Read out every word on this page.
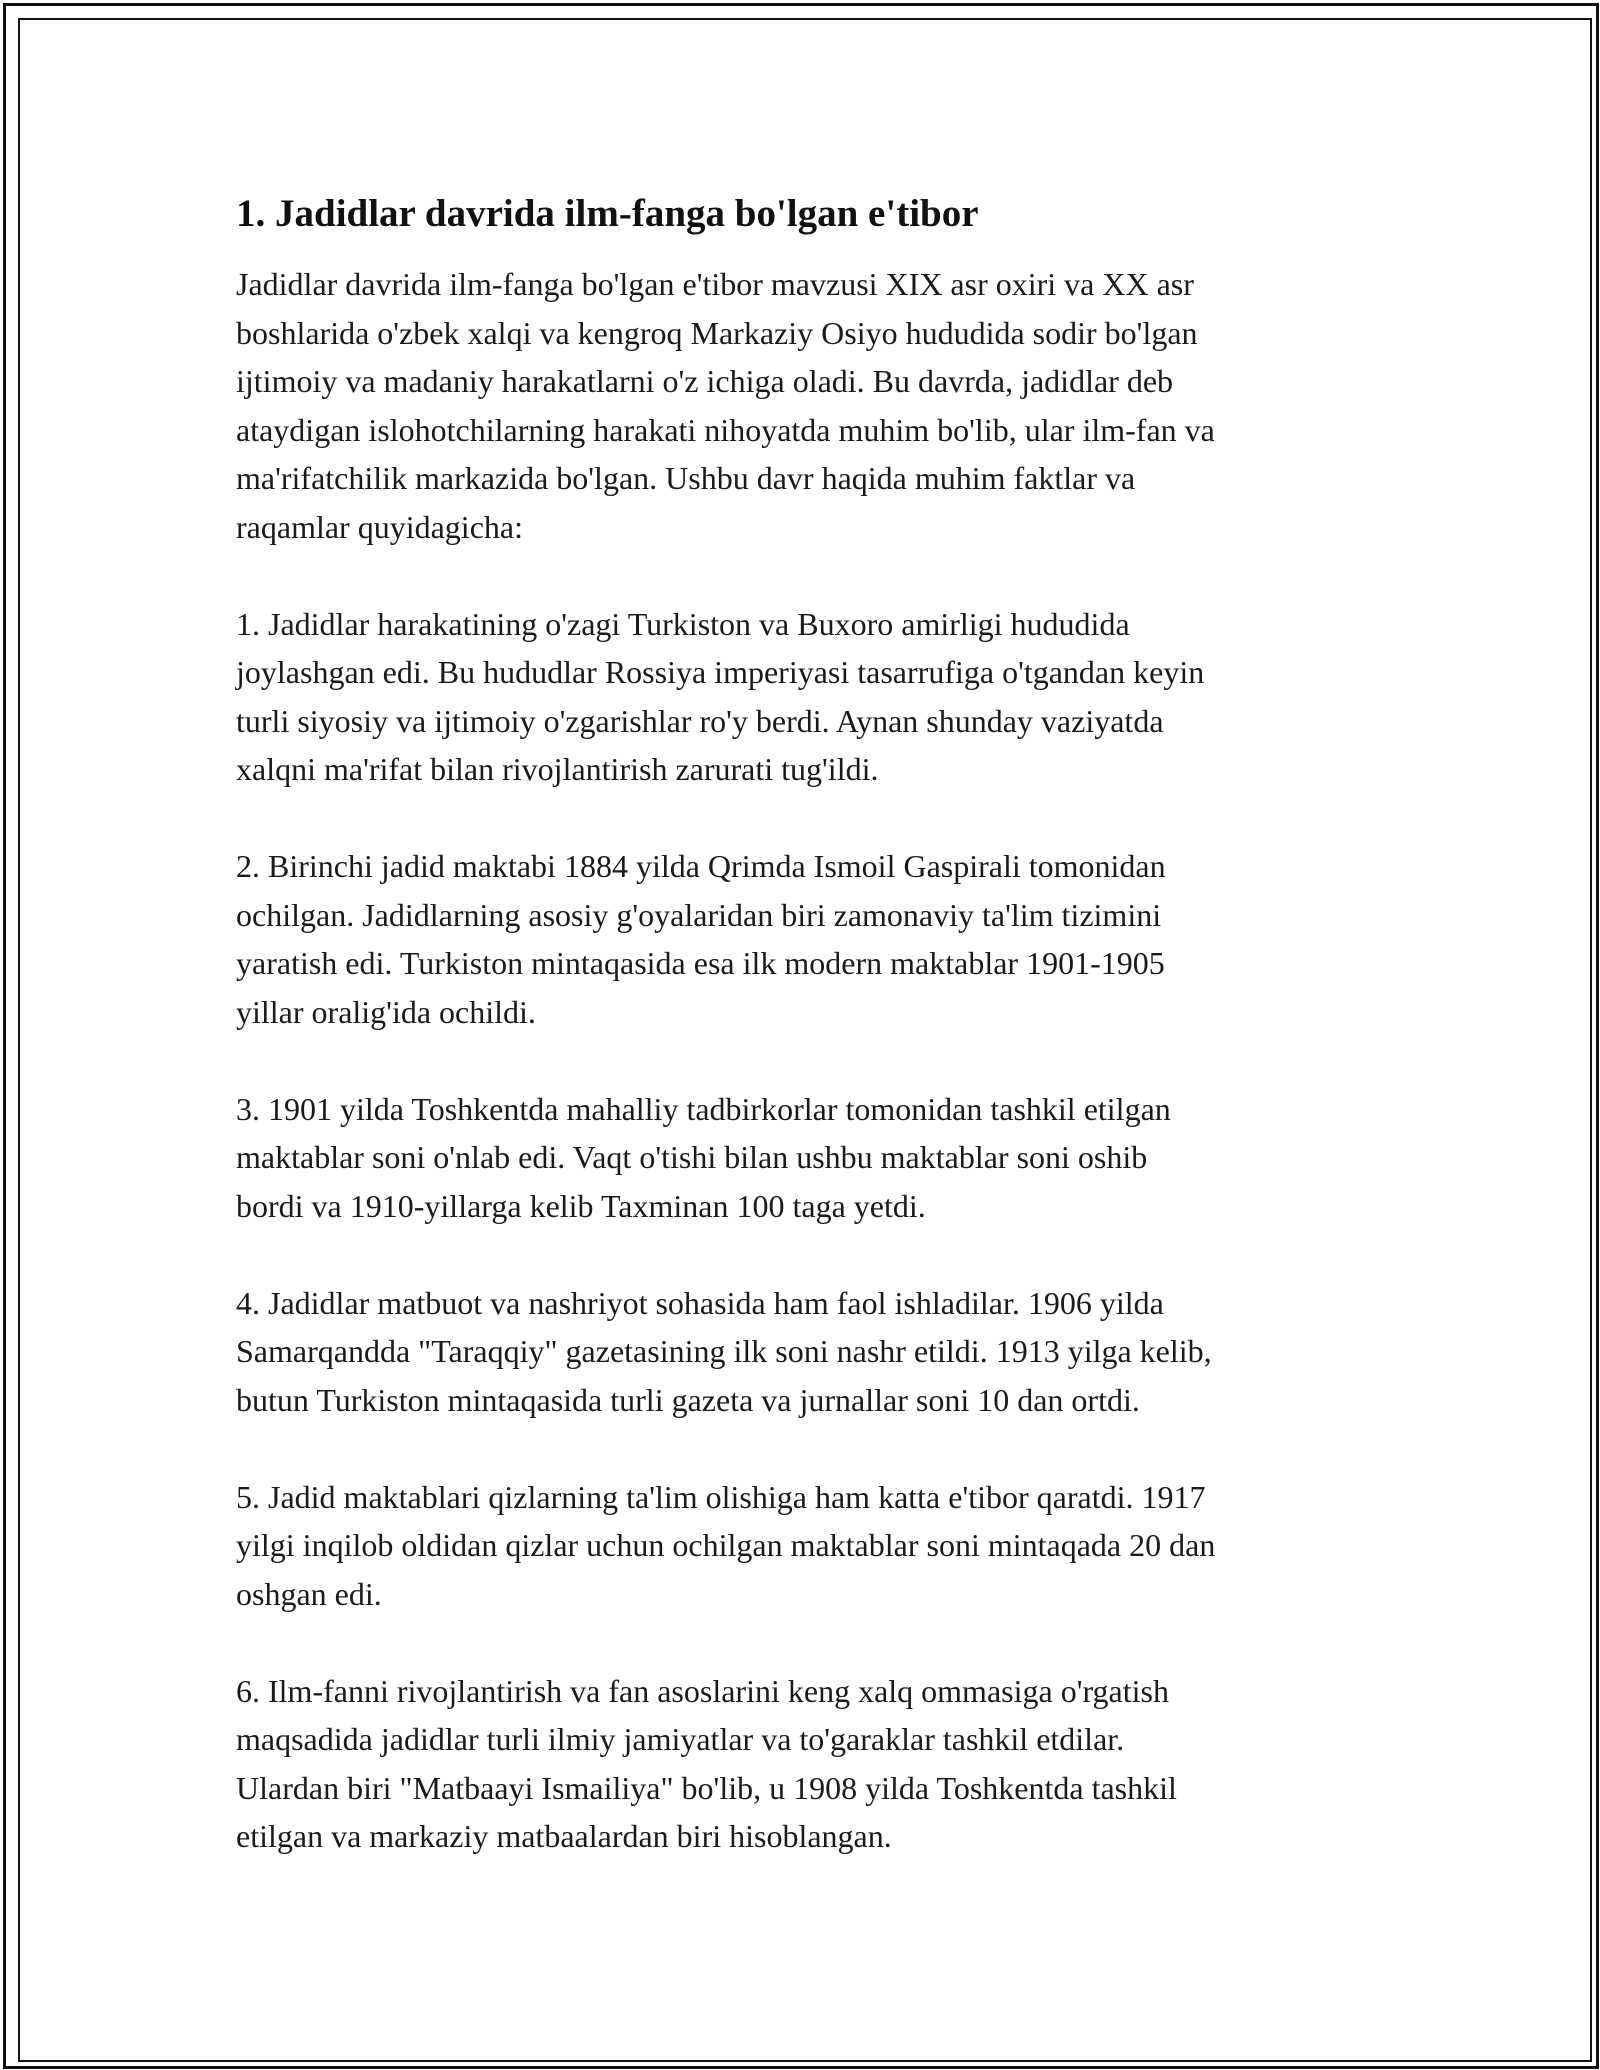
1. Jadidlar davrida ilm-fanga bo'lgan e'tibor

Jadidlar davrida ilm-fanga bo'lgan e'tibor mavzusi XIX asr oxiri va XX asr
boshlarida o'zbek xalqi va kengroq Markaziy Osiyo hududida sodir bo'lgan
ijtimoiy va madaniy harakatlarni o'z ichiga oladi. Bu davrda, jadidlar deb
ataydigan islohotchilarning harakati nihoyatda muhim bo'lib, ular ilm-fan va
ma'rifatchilik markazida bo'lgan. Ushbu davr haqida muhim faktlar va
raqamlar quyidagicha:

1. Jadidlar harakatining o'zagi Turkiston va Buxoro amirligi hududida
joylashgan edi. Bu hududlar Rossiya imperiyasi tasarrufiga o'tgandan keyin
turli siyosiy va ijtimoiy o'zgarishlar ro'y berdi. Aynan shunday vaziyatda
xalqni ma'rifat bilan rivojlantirish zarurati tug'ildi.

2. Birinchi jadid maktabi 1884 yilda Qrimda Ismoil Gaspirali tomonidan
ochilgan. Jadidlarning asosiy g'oyalaridan biri zamonaviy ta'lim tizimini
yaratish edi. Turkiston mintaqasida esa ilk modern maktablar 1901-1905
yillar oralig'ida ochildi.

3. 1901 yilda Toshkentda mahalliy tadbirkorlar tomonidan tashkil etilgan
maktablar soni o'nlab edi. Vaqt o'tishi bilan ushbu maktablar soni oshib
bordi va 1910-yillarga kelib Taxminan 100 taga yetdi.

4. Jadidlar matbuot va nashriyot sohasida ham faol ishladilar. 1906 yilda
Samarqandda "Taraqqiy" gazetasining ilk soni nashr etildi. 1913 yilga kelib,
butun Turkiston mintaqasida turli gazeta va jurnallar soni 10 dan ortdi.

5. Jadid maktablari qizlarning ta'lim olishiga ham katta e'tibor qaratdi. 1917
yilgi inqilob oldidan qizlar uchun ochilgan maktablar soni mintaqada 20 dan
oshgan edi.

6. Ilm-fanni rivojlantirish va fan asoslarini keng xalq ommasiga o'rgatish
maqsadida jadidlar turli ilmiy jamiyatlar va to'garaklar tashkil etdilar.
Ulardan biri "Matbaayi Ismailiya" bo'lib, u 1908 yilda Toshkentda tashkil
etilgan va markaziy matbaalardan biri hisoblangan.
